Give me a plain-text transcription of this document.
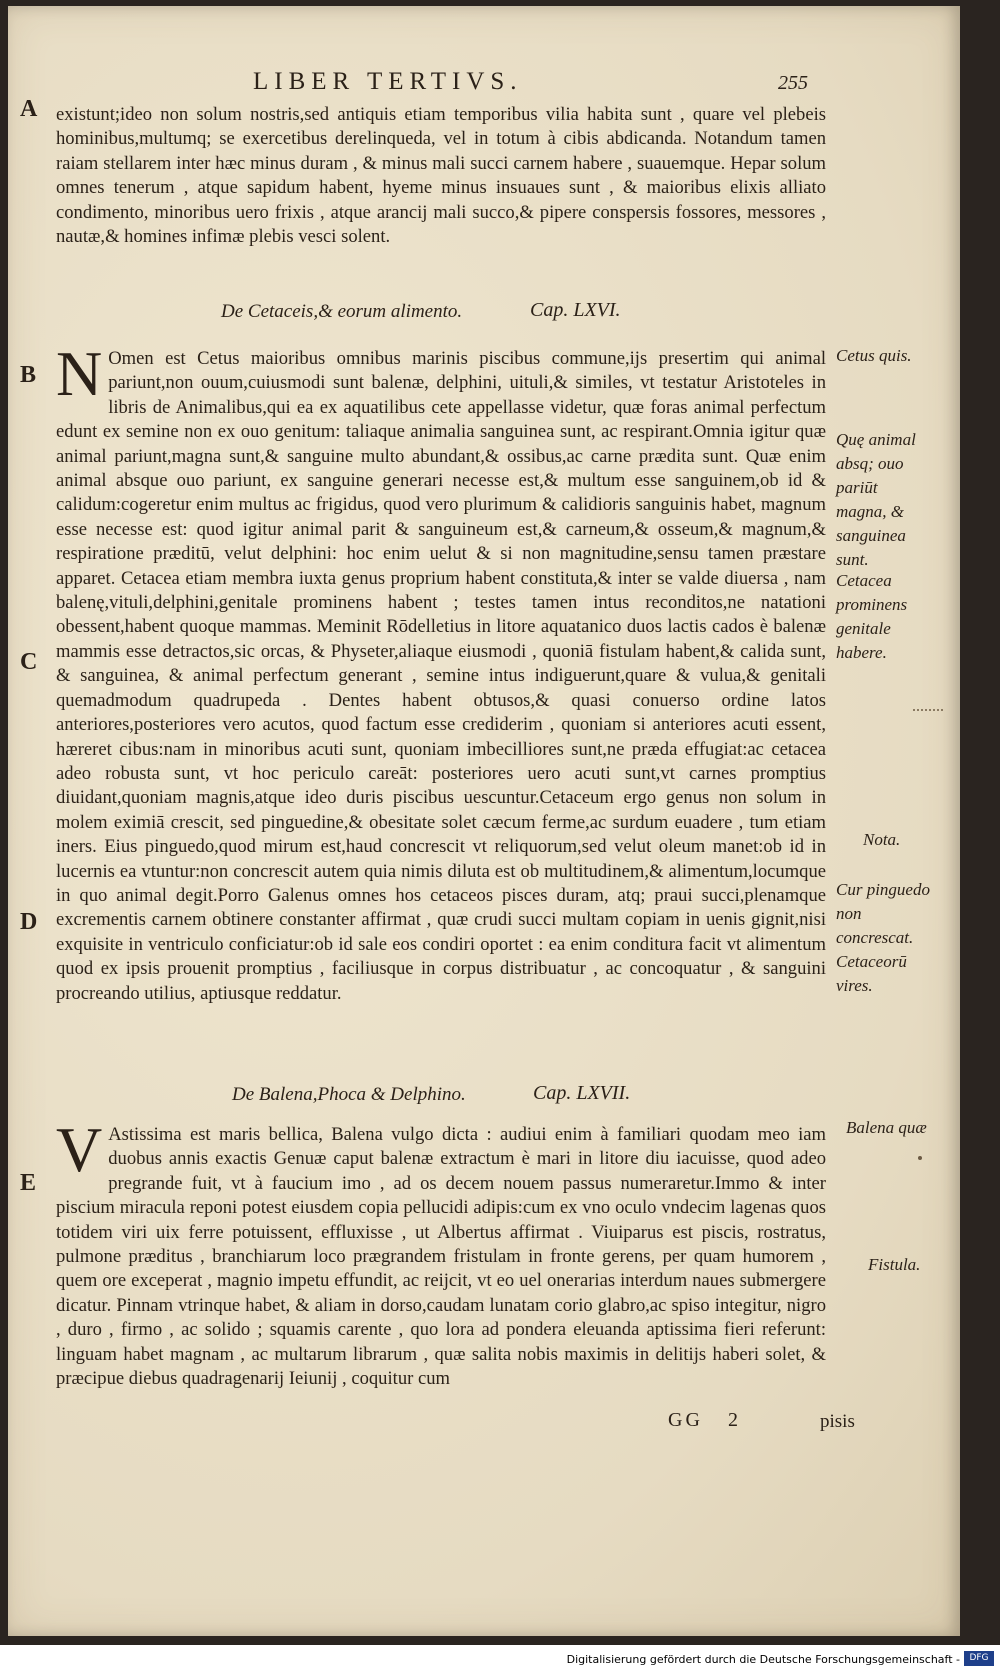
LIBER TERTIVS.	255
A
B
C
D
E

existunt;ideo non solum nostris,sed antiquis etiam temporibus vilia habita sunt , quare vel plebeis hominibus,multumq; se exercetibus derelinqueda, vel in totum à cibis abdicanda. Notandum tamen raiam stellarem inter hæc minus duram , & minus mali succi carnem habere , suauemque. Hepar solum omnes tenerum , atque sapidum habent, hyeme minus insuaues sunt , & maioribus elixis alliato condimento, minoribus uero frixis , atque arancij mali succo,& pipere conspersis fossores, messores , nautæ,& homines infimæ plebis vesci solent.

De Cetaceis,& eorum alimento.	Cap. LXVI.
N Omen est Cetus maioribus omnibus marinis piscibus commune,ijs presertim qui animal pariunt,non ouum,cuiusmodi sunt balenæ, delphini, uituli,& similes, vt testatur Aristoteles in libris de Animalibus,qui ea ex aquatilibus cete appellasse videtur, quæ foras animal perfectum edunt ex semine non ex ouo genitum: taliaque animalia sanguinea sunt, ac respirant.Omnia igitur quæ animal pariunt,magna sunt,& sanguine multo abundant,& ossibus,ac carne prædita sunt. Quæ enim animal absque ouo pariunt, ex sanguine generari necesse est,& multum esse sanguinem,ob id & calidum:cogeretur enim multus ac frigidus, quod vero plurimum & calidioris sanguinis habet, magnum esse necesse est: quod igitur animal parit & sanguineum est,& carneum,& osseum,& magnum,& respiratione præditū, velut delphini: hoc enim uelut & si non magnitudine,sensu tamen præstare apparet. Cetacea etiam membra iuxta genus proprium habent constituta,& inter se valde diuersa , nam balenę,vituli,delphini,genitale prominens habent ; testes tamen intus reconditos,ne natationi obessent,habent quoque mammas. Meminit Rōdelletius in litore aquatanico duos lactis cados è balenæ mammis esse detractos,sic orcas, & Physeter,aliaque eiusmodi , quoniā fistulam habent,& calida sunt, & sanguinea, & animal perfectum generant , semine intus indiguerunt,quare & vulua,& genitali quemadmodum quadrupeda . Dentes habent obtusos,& quasi conuerso ordine latos anteriores,posteriores vero acutos, quod factum esse crediderim , quoniam si anteriores acuti essent, hæreret cibus:nam in minoribus acuti sunt, quoniam imbecilliores sunt,ne præda effugiat:ac cetacea adeo robusta sunt, vt hoc periculo careāt: posteriores uero acuti sunt,vt carnes promptius diuidant,quoniam magnis,atque ideo duris piscibus uescuntur.Cetaceum ergo genus non solum in molem eximiā crescit, sed pinguedine,& obesitate solet cæcum ferme,ac surdum euadere , tum etiam iners. Eius pinguedo,quod mirum est,haud concrescit vt reliquorum,sed velut oleum manet:ob id in lucernis ea vtuntur:non concrescit autem quia nimis diluta est ob multitudinem,& alimentum,locumque in quo animal degit.Porro Galenus omnes hos cetaceos pisces duram, atq; praui succi,plenamque excrementis carnem obtinere constanter affirmat , quæ crudi succi multam copiam in uenis gignit,nisi exquisite in ventriculo conficiatur:ob id sale eos condiri oportet : ea enim conditura facit vt alimentum quod ex ipsis prouenit promptius , faciliusque in corpus distribuatur , ac concoquatur , & sanguini procreando utilius, aptiusque reddatur.

De Balena,Phoca & Delphino.	Cap. LXVII.
V Astissima est maris bellica, Balena vulgo dicta : audiui enim à familiari quodam meo iam duobus annis exactis Genuæ caput balenæ extractum è mari in litore diu iacuisse, quod adeo pregrande fuit, vt à faucium imo , ad os decem nouem passus numeraretur.Immo & inter piscium miracula reponi potest eiusdem copia pellucidi adipis:cum ex vno oculo vndecim lagenas quos totidem viri uix ferre potuissent, effluxisse , ut Albertus affirmat . Viuiparus est piscis, rostratus, pulmone præditus , branchiarum loco prægrandem fristulam in fronte gerens, per quam humorem , quem ore exceperat , magnio impetu effundit, ac reijcit, vt eo uel onerarias interdum naues submergere dicatur. Pinnam vtrinque habet, & aliam in dorso,caudam lunatam corio glabro,ac spiso integitur, nigro , duro , firmo , ac solido ; squamis carente , quo lora ad pondera eleuanda aptissima fieri referunt: linguam habet magnam , ac multarum librarum , quæ salita nobis maximis in delitijs haberi solet, & præcipue diebus quadragenarij Ieiunij , coquitur cum

Cetus quis.
Quę animal absq; ouo pariūt magna, & sanguinea sunt.
Cetacea prominens genitale habere.
Nota.
Cur pinguedo non concrescat.
Cetaceorū vires.
Balena quæ
Fistula.
GG 2	pisis
Digitalisierung gefördert durch die Deutsche Forschungsgemeinschaft -	DFG
